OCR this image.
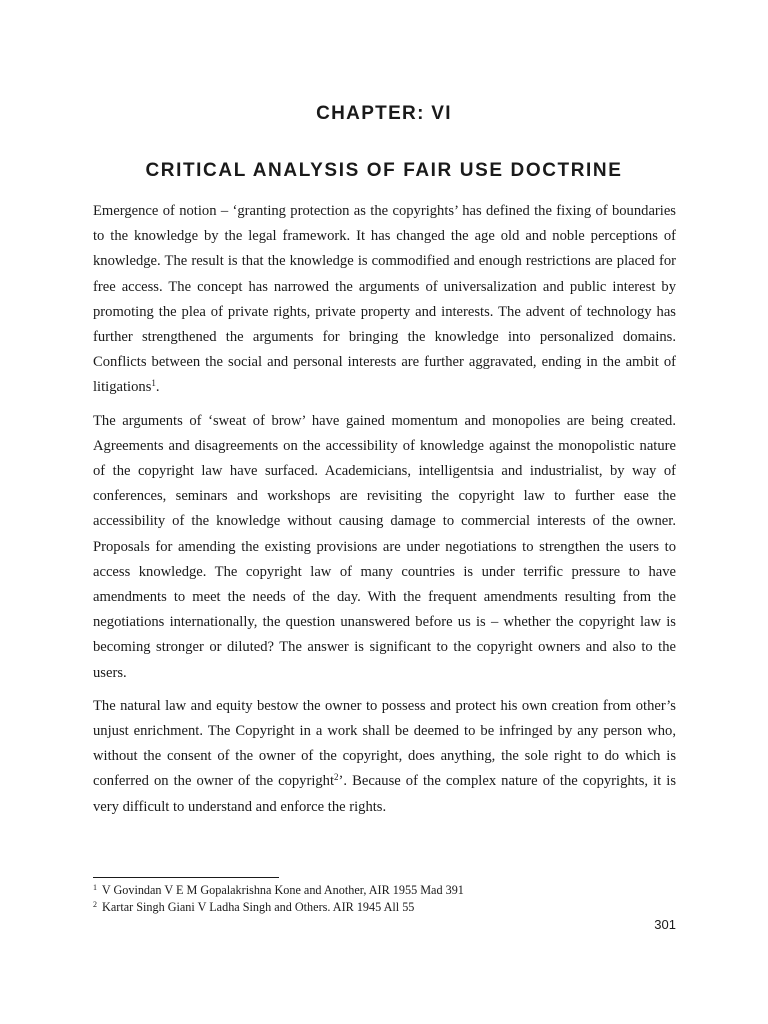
CHAPTER: VI
CRITICAL ANALYSIS OF FAIR USE DOCTRINE

Emergence of notion – ‘granting protection as the copyrights’ has defined the fixing of boundaries to the knowledge by the legal framework. It has changed the age old and noble perceptions of knowledge. The result is that the knowledge is commodified and enough restrictions are placed for free access. The concept has narrowed the arguments of universalization and public interest by promoting the plea of private rights, private property and interests. The advent of technology has further strengthened the arguments for bringing the knowledge into personalized domains. Conflicts between the social and personal interests are further aggravated, ending in the ambit of litigations$^1$.

The arguments of ‘sweat of brow’ have gained momentum and monopolies are being created. Agreements and disagreements on the accessibility of knowledge against the monopolistic nature of the copyright law have surfaced. Academicians, intelligentsia and industrialist, by way of conferences, seminars and workshops are revisiting the copyright law to further ease the accessibility of the knowledge without causing damage to commercial interests of the owner. Proposals for amending the existing provisions are under negotiations to strengthen the users to access knowledge. The copyright law of many countries is under terrific pressure to have amendments to meet the needs of the day. With the frequent amendments resulting from the negotiations internationally, the question unanswered before us is – whether the copyright law is becoming stronger or diluted? The answer is significant to the copyright owners and also to the users.

The natural law and equity bestow the owner to possess and protect his own creation from other’s unjust enrichment. The Copyright in a work shall be deemed to be infringed by any person who, without the consent of the owner of the copyright, does anything, the sole right to do which is conferred on the owner of the copyright$^2$’. Because of the complex nature of the copyrights, it is very difficult to understand and enforce the rights.

$^1$ V Govindan V E M Gopalakrishna Kone and Another, AIR 1955 Mad 391

$^2$ Kartar Singh Giani V Ladha Singh and Others. AIR 1945 All 55

301
